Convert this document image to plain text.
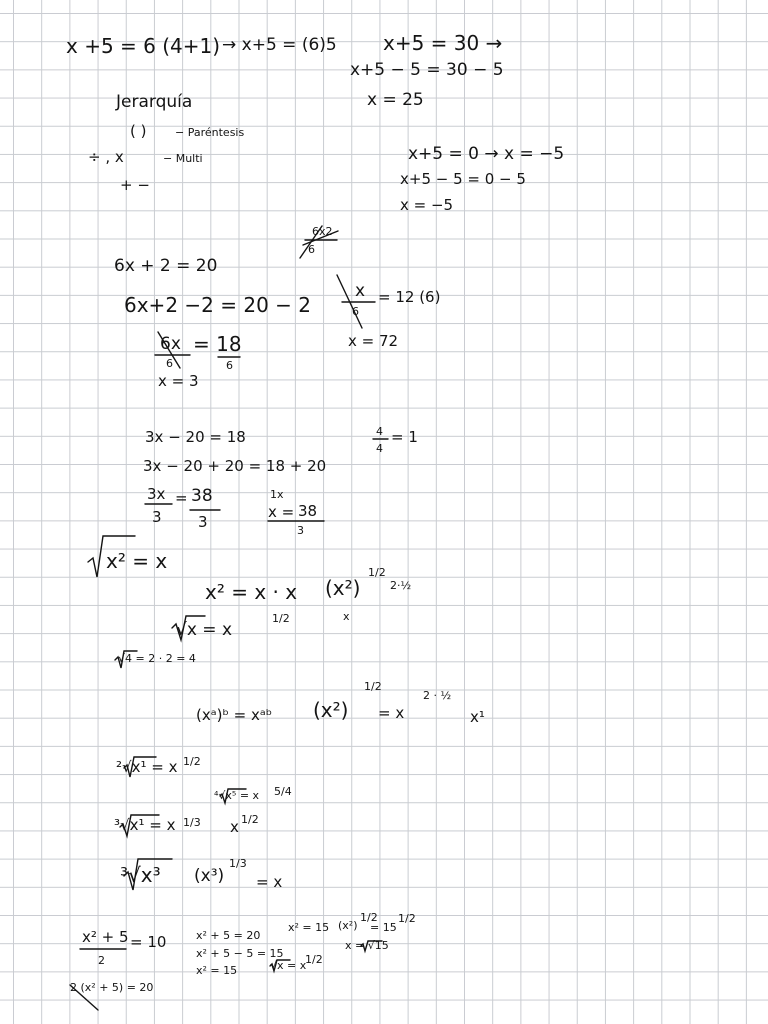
x +5 = 6 (4+1) → x+5 = (6)5 x+5 = 30 →
x+5 − 5 = 30 − 5
x = 25
Jerarquía
( )	− Paréntesis
÷ , x	− Multi
+ −
x+5 = 0 → x = −5
x+5 − 5 = 0 − 5
x = −5
6x2
6
6x + 2 = 20
6x+2 −2 = 20 − 2
6x
6
= 18
6
x = 3
x
6
= 12 (6)
x = 72
3x − 20 = 18
3x − 20 + 20 = 18 + 20
3x
3
= 38
3
4
4
= 1
1x
x = 38
3
x² = x
x² = x · x (x²)
1/2
2·½
x
√x = x
1/2
√4 = 2 · 2 = 4
(xᵃ)ᵇ = xᵃᵇ (x²)
1/2
= x
2 · ½
x¹
²√x¹ = x 1/2
⁴√x⁵ = x 5/4
³√x¹ = x 1/3 x 1/2
³√x³ (x³)
1/3
= x
x² + 5
2
= 10
2 (x² + 5) = 20
x² + 5 = 20
x² + 5 − 5 = 15
x² = 15	√x = x
1/2
x² = 15 (x²)
1/2
= 15
1/2
x = √15
